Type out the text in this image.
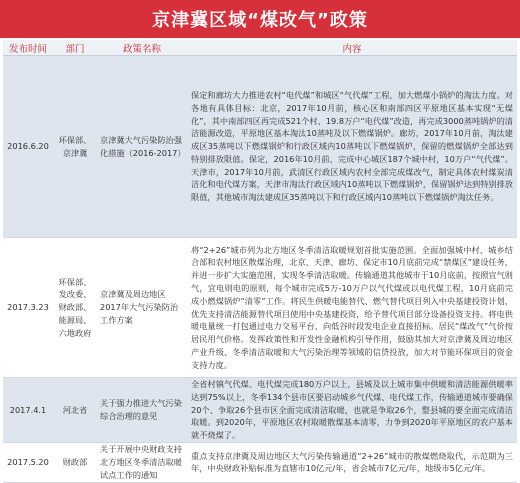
京津冀区域“煤改气”政策
发布时间	部门	政策名称	内容
2016.6.20	环保部、京津冀	京津冀大气污染防治强化措施（2016-2017）	保定和廊坊大力推进农村“电代煤”和城区“气代煤”工程，加大燃煤小锅炉的淘汰力度。对各地有具体目标：北京，2017年10月前，核心区和南部四区平原地区基本实现“无煤化”，其中南部四区再完成521个村、19.8万户“电代煤”改造，再完成3000蒸吨锅炉的清洁能源改造，平原地区基本淘汰10蒸吨及以下燃煤锅炉。廊坊，2017年10月前，淘汰建成区35蒸吨以下燃煤锅炉和行政区域内10蒸吨以下燃煤锅炉，保留的燃煤锅炉全部达到特别排放限值。保定，2016年10月前，完成中心城区187个城中村，10万户“气代煤”。天津市，2017年10月前，武清区行政区域内农村全部完成煤改气，制定具体农村煤炭清洁化和电代煤方案，天津市淘汰行政区域内10蒸吨以下燃煤锅炉，保留锅炉达到特别排放限值，其他城市淘汰建成区35蒸吨以下和行政区域内10蒸吨以下燃煤锅炉淘汰任务。
2017.3.23	环保部、发改委、财政部、能源局、六地政府	京津冀及周边地区2017年大气污染防治工作方案	将“2+26”城市列为北方地区冬季清洁取暖规划首批实施范围。全面加强城中村、城乡结合部和农村地区散煤治理，北京、天津、廊坊、保定市10月底前完成“禁煤区”建设任务，并进一步扩大实施范围，实现冬季清洁取暖。传输通道其他城市于10月底前，按照宜气则气，宜电则电的原则，每个城市完成5万-10万户以气代煤或以电代煤工程，10月底前完成小燃煤锅炉“清零”工作。将民生供暖电能替代、燃气替代项目列入中央基建投资计划，优先支持清洁能源替代项目使用中央基建投资，给予替代项目部分设备投资支持。将电供暖电量统一打包通过电力交易平台，向低谷时段发电企业直接招标。居民“煤改气”气价按居民用气价格。发挥政策性和开发性金融机构引导作用，鼓励其加大对京津冀及周边地区产业升级、冬季清洁取暖和大气污染治理等领域的信贷投放，加大对节能环保项目的资金支持力度。
2017.4.1	河北省	关于强力推进大气污染综合治理的意见	全省村镇气代煤、电代煤完成180万户以上，县城及以上城市集中供暖和清洁能源供暖率达到75%以上，冬季134个县市区要启动城乡气代煤、电代煤工作，传输通道城市要确保20个、争取26个县市区全面完成清洁取暖，也就是争取26个，整县城的要全面完成清洁取暖。到2020年，平原地区农村取暖散煤基本清零，力争到2020年平原地区的农户基本就不烧煤了。
2017.5.20	财政部	关于开展中央财政支持北方地区冬季清洁取暖试点工作的通知	重点支持京津冀及周边地区大气污染传输通道“2+26”城市的散煤燃烧取代，示范期为三年，中央财政补贴标准为直辖市10亿元/年，省会城市7亿元/年，地级市5亿元/年。
